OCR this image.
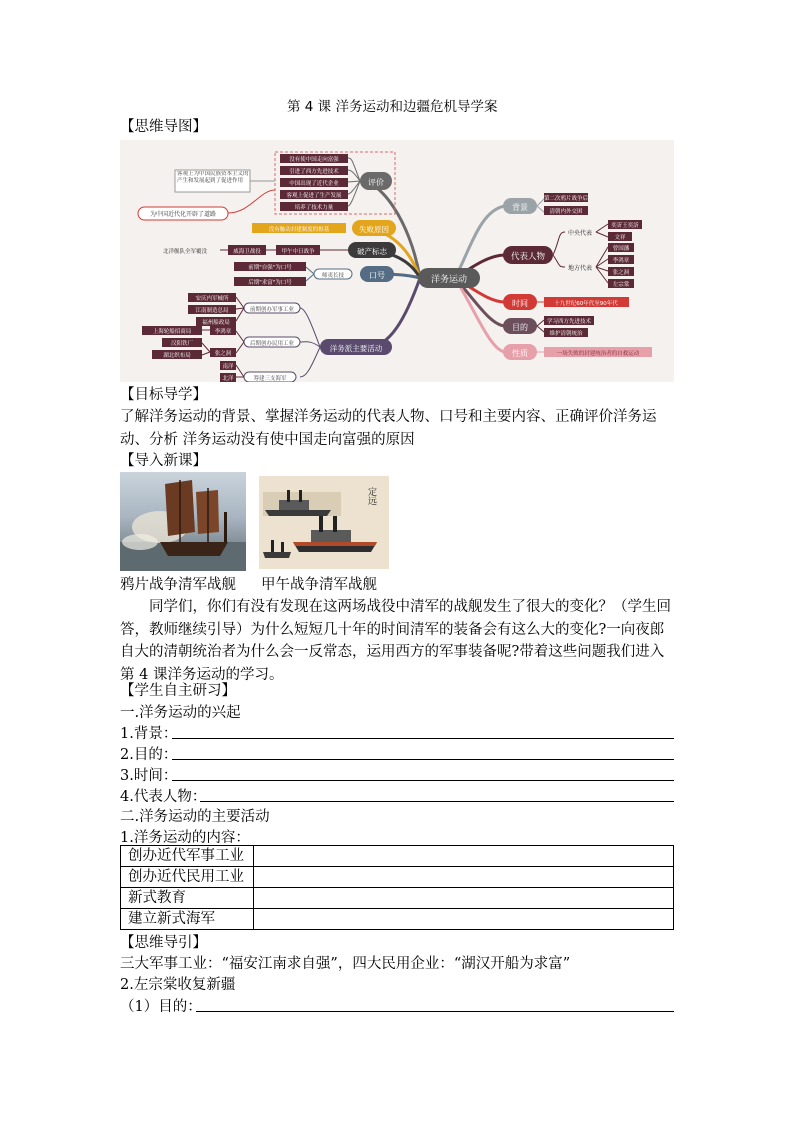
第 4 课 洋务运动和边疆危机导学案
【思维导图】
洋务运动
背景
第二次鸦片战争后
清朝内外交困
代表人物
中央代表
地方代表
奕䜣王奕訢
文祥
曾国藩
李鸿章
张之洞
左宗棠
时间	十九世纪60年代至90年代
目的
学习西方先进技术
维护清朝统治
性质	一场失败的封建统治者的自救运动
评价
没有使中国走向富强
引进了西方先进技术
中国出现了近代企业
客观上促进了生产发展
培养了技术力量
客观上为中国民族资本主义的产生和发展起到了促进作用
为中国近代化开辟了道路
失败原因
没有触动封建制度的根基
破产标志
北洋舰队全军覆没	威海卫战役	甲午中日战争
口号
师夷长技
前期"自强"为口号
后期"求富"为口号
洋务派主要活动
前期创办军事工业
安庆内军械所
江南制造总局
福州船政局
后期创办民用工业
李鸿章
张之洞
上海轮船招商局
汉阳铁厂
湖北织布局
筹建三支海军
南洋
北洋
【目标导学】
了解洋务运动的背景、掌握洋务运动的代表人物、口号和主要内容、正确评价洋务运动、分析 洋务运动没有使中国走向富强的原因
【导入新课】
定远
鸦片战争清军战舰 甲午战争清军战舰
同学们，你们有没有发现在这两场战役中清军的战舰发生了很大的变化？（学生回答，教师继续引导）为什么短短几十年的时间清军的装备会有这么大的变化?一向夜郎自大的清朝统治者为什么会一反常态，运用西方的军事装备呢?带着这些问题我们进入第 4 课洋务运动的学习。
【学生自主研习】
一.洋务运动的兴起
1.背景：
2.目的：
3.时间：
4.代表人物：
二.洋务运动的主要活动
1.洋务运动的内容：
创办近代军事工业	
创办近代民用工业	
新式教育	
建立新式海军	
【思维导引】
三大军事工业：“福安江南求自强”，四大民用企业：“湖汉开船为求富”
2.左宗棠收复新疆
（1）目的：
